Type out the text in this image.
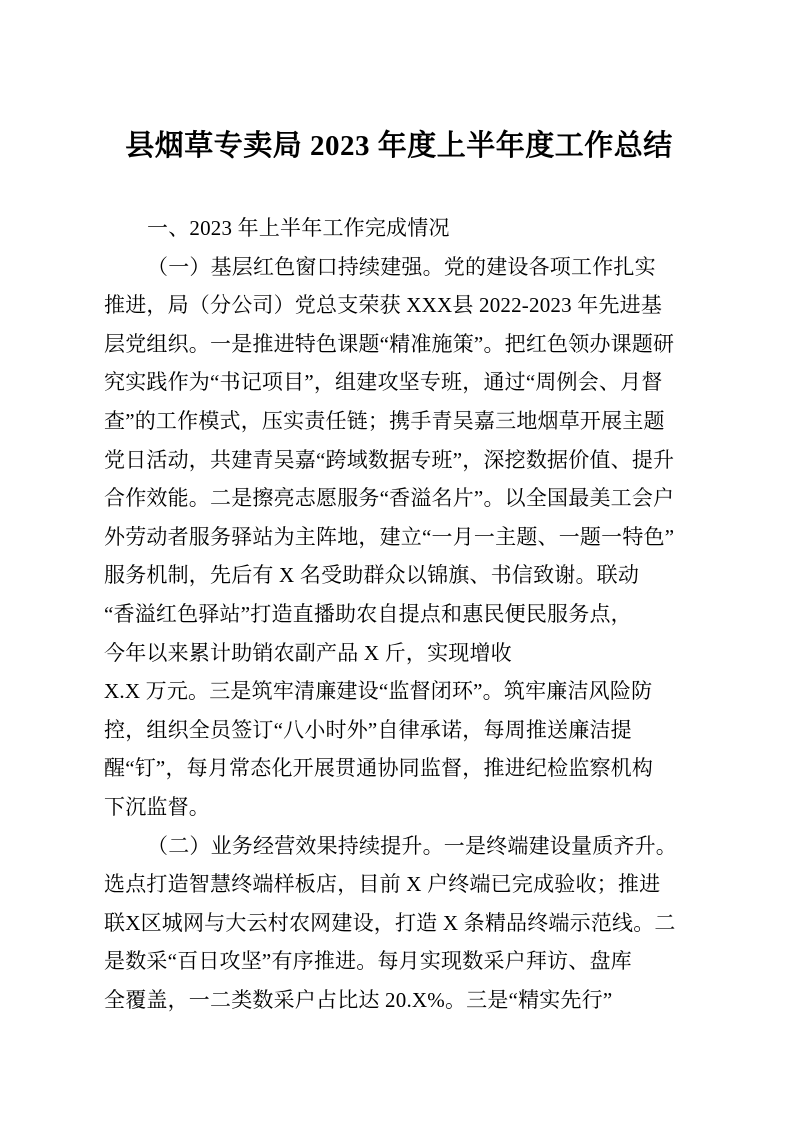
县烟草专卖局 2023 年度上半年度工作总结
一、2023 年上半年工作完成情况
（一）基层红色窗口持续建强。党的建设各项工作扎实
推进，局（分公司）党总支荣获 XXX县 2022-2023 年先进基
层党组织。一是推进特色课题“精准施策”。把红色领办课题研
究实践作为“书记项目”，组建攻坚专班，通过“周例会、月督
查”的工作模式，压实责任链；携手青吴嘉三地烟草开展主题
党日活动，共建青吴嘉“跨域数据专班”，深挖数据价值、提升
合作效能。二是擦亮志愿服务“香溢名片”。以全国最美工会户
外劳动者服务驿站为主阵地，建立“一月一主题、一题一特色”
服务机制，先后有 X 名受助群众以锦旗、书信致谢。联动
“香溢红色驿站”打造直播助农自提点和惠民便民服务点，
今年以来累计助销农副产品 X 斤，实现增收
X.X 万元。三是筑牢清廉建设“监督闭环”。筑牢廉洁风险防
控，组织全员签订“八小时外”自律承诺，每周推送廉洁提
醒“钉”，每月常态化开展贯通协同监督，推进纪检监察机构
下沉监督。
（二）业务经营效果持续提升。一是终端建设量质齐升。
选点打造智慧终端样板店，目前 X 户终端已完成验收；推进
联X区城网与大云村农网建设，打造 X 条精品终端示范线。二
是数采“百日攻坚”有序推进。每月实现数采户拜访、盘库
全覆盖，一二类数采户占比达 20.X%。三是“精实先行”
